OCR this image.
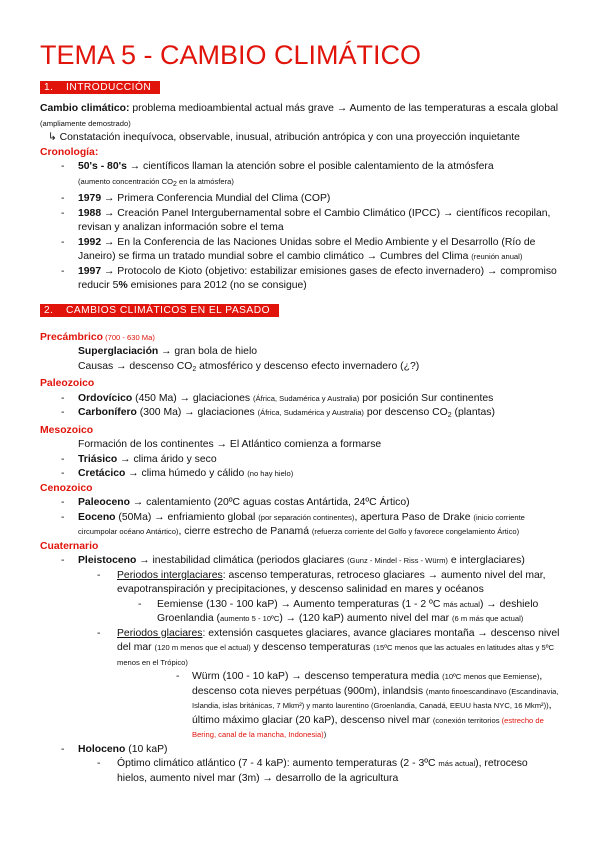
TEMA 5 - CAMBIO CLIMÁTICO
1. INTRODUCCIÓN

Cambio climático: problema medioambiental actual más grave → Aumento de las temperaturas a escala global (ampliamente demostrado)

↳ Constatación inequívoca, observable, inusual, atribución antrópica y con una proyección inquietante

Cronología:

- 50's - 80's → científicos llaman la atención sobre el posible calentamiento de la atmósfera
(aumento concentración $CO_2$ en la atmósfera)

- 1979 → Primera Conferencia Mundial del Clima (COP)

- 1988 → Creación Panel Intergubernamental sobre el Cambio Climático (IPCC) → científicos recopilan, revisan y analizan información sobre el tema

- 1992 → En la Conferencia de las Naciones Unidas sobre el Medio Ambiente y el Desarrollo (Río de Janeiro) se firma un tratado mundial sobre el cambio climático → Cumbres del Clima (reunión anual)

- 1997 → Protocolo de Kioto (objetivo: estabilizar emisiones gases de efecto invernadero) → compromiso reducir 5% emisiones para 2012 (no se consigue)

2. CAMBIOS CLIMÁTICOS EN EL PASADO

Precámbrico (700 - 630 Ma)

Superglaciación → gran bola de hielo

Causas → descenso $CO_2$ atmosférico y descenso efecto invernadero (¿?)

Paleozoico

- Ordovícico (450 Ma) → glaciaciones (África, Sudamérica y Australia) por posición Sur continentes

- Carbonífero (300 Ma) → glaciaciones (África, Sudamérica y Australia) por descenso $CO_2$ (plantas)

Mesozoico

Formación de los continentes → El Atlántico comienza a formarse

- Triásico → clima árido y seco

- Cretácico → clima húmedo y cálido (no hay hielo)

Cenozoico

- Paleoceno → calentamiento (20ºC aguas costas Antártida, 24ºC Ártico)

- Eoceno (50Ma) → enfriamiento global (por separación continentes), apertura Paso de Drake (inicio corriente circumpolar océano Antártico), cierre estrecho de Panamá (refuerza corriente del Golfo y favorece congelamiento Ártico)

Cuaternario

- Pleistoceno → inestabilidad climática (periodos glaciares (Gunz - Mindel - Riss - Würm) e interglaciares)

- Periodos interglaciares: ascenso temperaturas, retroceso glaciares → aumento nivel del mar, evapotranspiración y precipitaciones, y descenso salinidad en mares y océanos

- Eemiense (130 - 100 kaP) → Aumento temperaturas (1 - 2 ºC más actual) → deshielo Groenlandia (aumento 5 - 10ºC) → (120 kaP) aumento nivel del mar (6 m más que actual)

- Periodos glaciares: extensión casquetes glaciares, avance glaciares montaña → descenso nivel del mar (120 m menos que el actual) y descenso temperaturas (15ºC menos que las actuales en latitudes altas y 5ºC menos en el Trópico)

- Würm (100 - 10 kaP) → descenso temperatura media (10ºC menos que Eemiense), descenso cota nieves perpétuas (900m), inlandsis (manto finoescandinavo (Escandinavia, Islandia, islas británicas, 7 Mkm²) y manto laurentino (Groenlandia, Canadá, EEUU hasta NYC, 16 Mkm²)), último máximo glaciar (20 kaP), descenso nivel mar (conexión territorios (estrecho de Bering, canal de la mancha, Indonesia))

- Holoceno (10 kaP)

- Óptimo climático atlántico (7 - 4 kaP): aumento temperaturas (2 - 3ºC más actual), retroceso hielos, aumento nivel mar (3m) → desarrollo de la agricultura
